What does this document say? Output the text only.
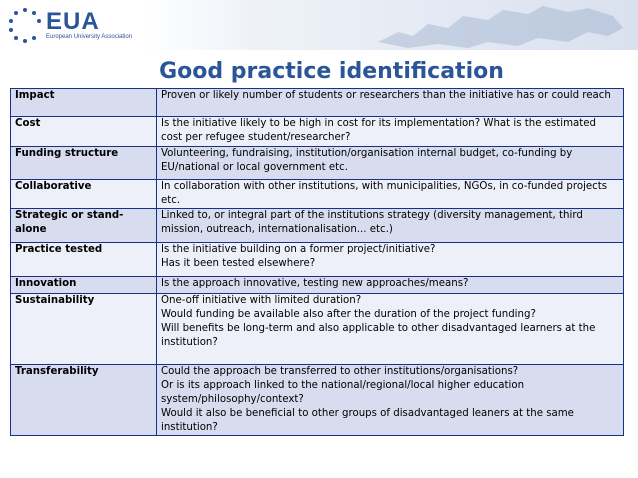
EUA
European University Association
Good practice identification
Impact	Proven or likely number of students or researchers than the initiative has or could reach
Cost	Is the initiative likely to be high in cost for its implementation? What is the estimated cost per refugee student/researcher?
Funding structure	Volunteering, fundraising, institution/organisation internal budget, co-funding by EU/national or local government etc.
Collaborative	In collaboration with other institutions, with municipalities, NGOs, in co-funded projects etc.
Strategic or stand-alone	Linked to, or integral part of the institutions strategy (diversity management, third mission, outreach, internationalisation... etc.)
Practice tested	Is the initiative building on a former project/initiative?
Has it been tested elsewhere?
Innovation	Is the approach innovative, testing new approaches/means?
Sustainability	One-off initiative with limited duration?
Would funding be available also after the duration of the project funding?
Will benefits be long-term and also applicable to other disadvantaged learners at the institution?
Transferability	Could the approach be transferred to other institutions/organisations?
Or is its approach linked to the national/regional/local higher education system/philosophy/context?
Would it also be beneficial to other groups of disadvantaged leaners at the same institution?
